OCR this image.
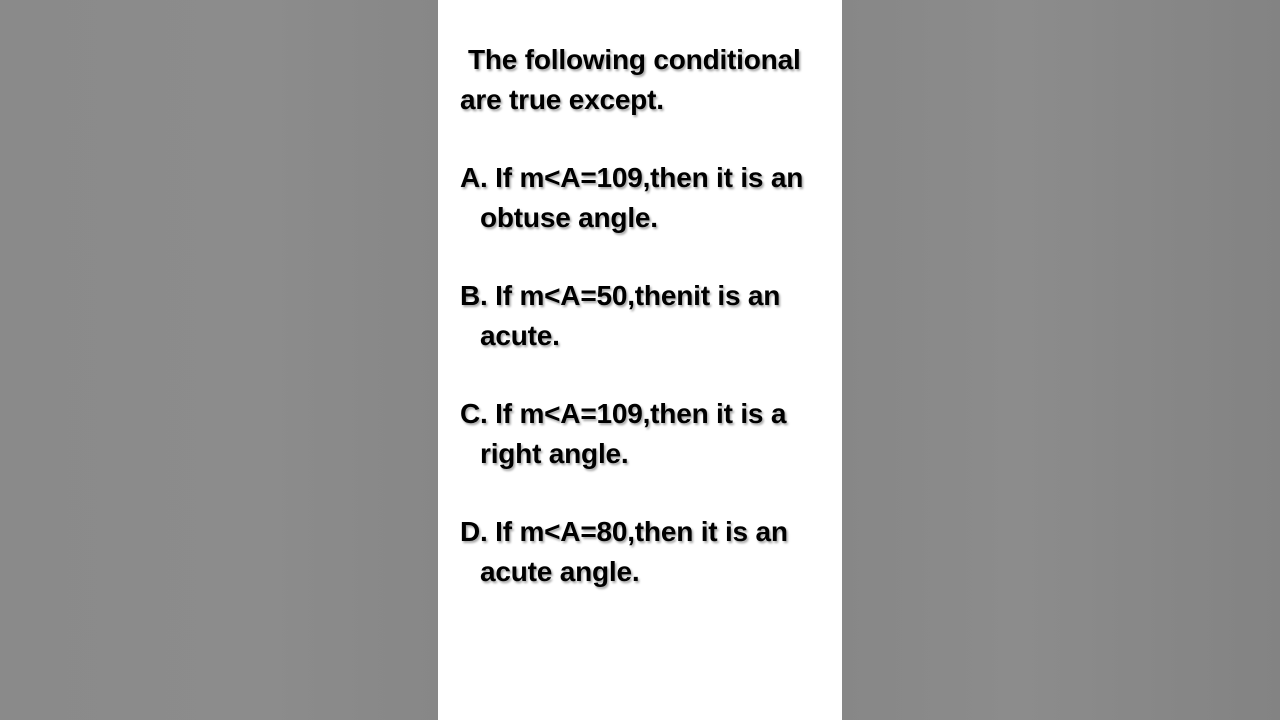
The following conditional
are true except.
A. If m<A=109,then it is an
obtuse angle.
B. If m<A=50,thenit is an
acute.
C. If m<A=109,then it is a
right angle.
D. If m<A=80,then it is an
acute angle.
